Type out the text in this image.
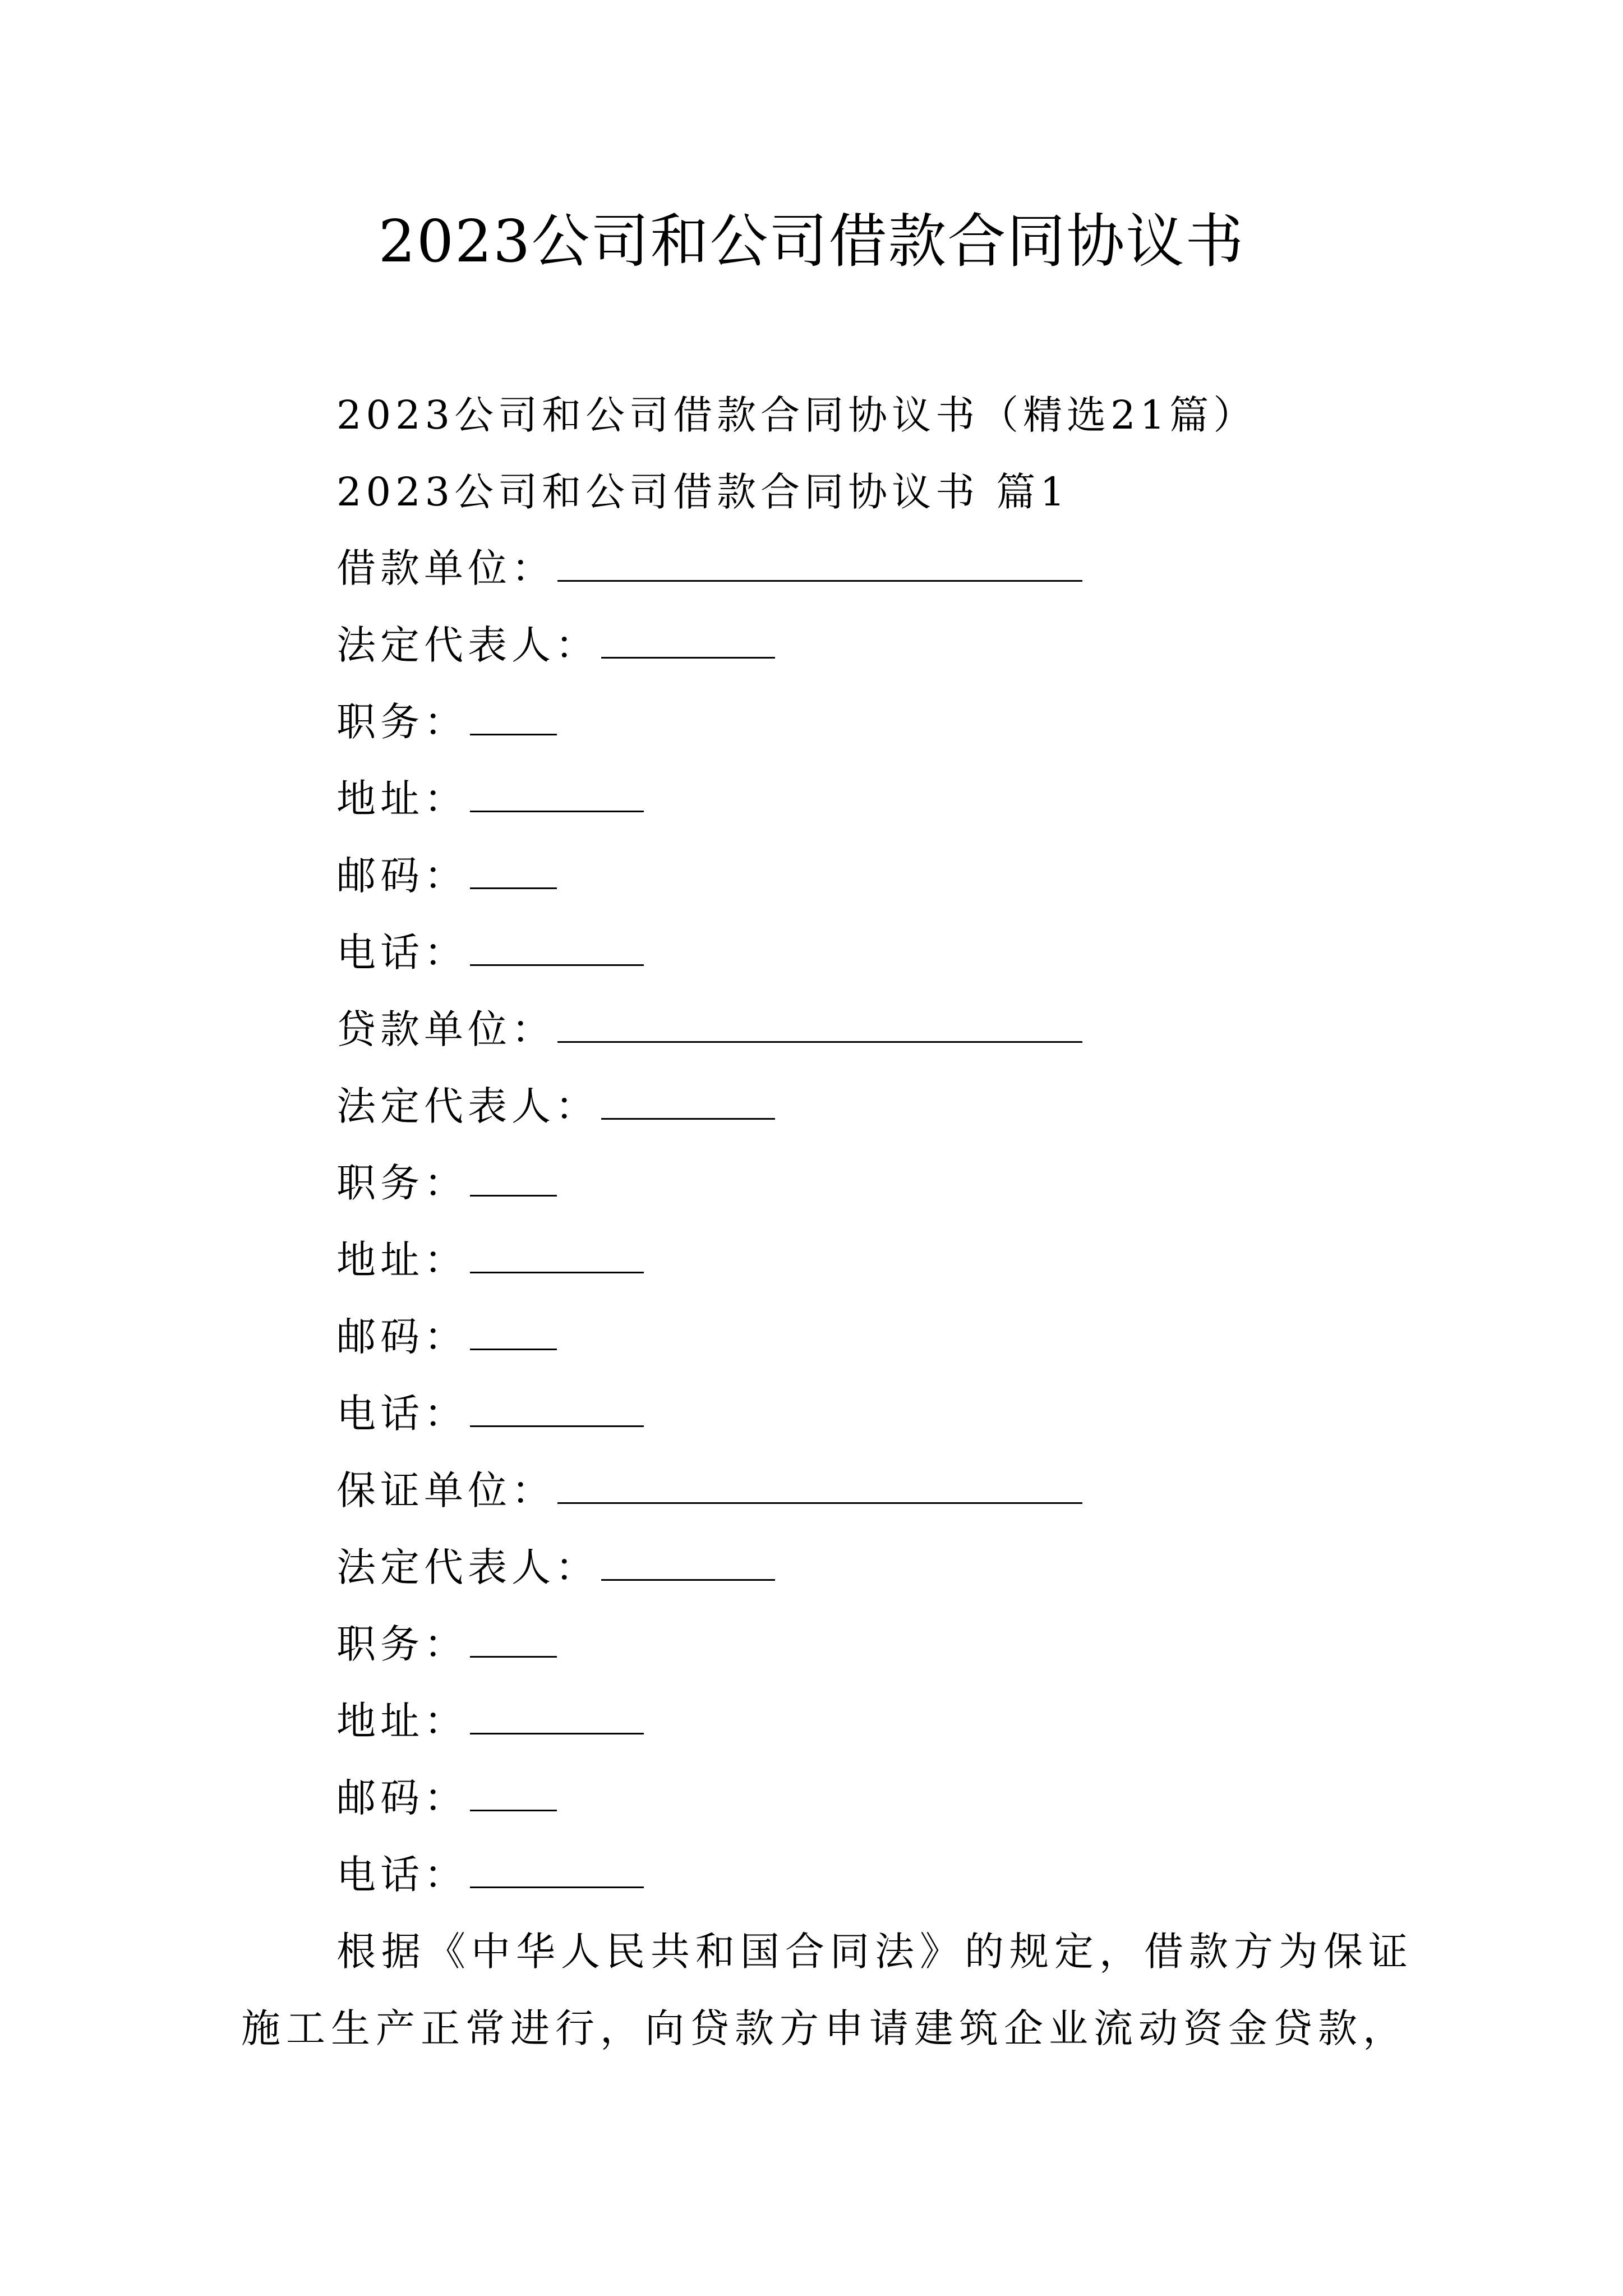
2023公司和公司借款合同协议书
2023公司和公司借款合同协议书（精选21篇）
2023公司和公司借款合同协议书 篇1
借款单位：
法定代表人：
职务：
地址：
邮码：
电话：
贷款单位：
法定代表人：
职务：
地址：
邮码：
电话：
保证单位：
法定代表人：
职务：
地址：
邮码：
电话：
根据《中华人民共和国合同法》的规定，借款方为保证
施工生产正常进行，向贷款方申请建筑企业流动资金贷款，
